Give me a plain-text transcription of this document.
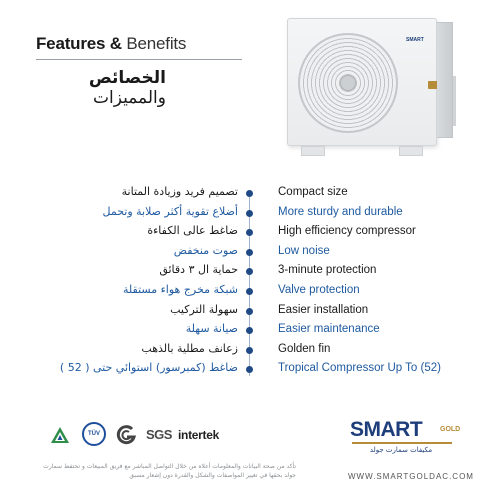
Features & Benefits
الخصائص والمميزات
SMART
تصميم فريد وزيادة المتانة	Compact size
أضلاع تقوية أكثر صلابة وتحمل	More sturdy and durable
ضاغط عالى الكفاءة	High efficiency compressor
صوت منخفض	Low noise
حماية ال ٣ دقائق	3-minute protection
شبكة مخرج هواء مستقلة	Valve protection
سهولة التركيب	Easier installation
صيانة سهلة	Easier maintenance
زعانف مطلية بالذهب	Golden fin
ضاغط (كمبرسور) استوائي حتى ( 52 )	Tropical Compressor Up To (52)
TÜV	SGS intertek	SMART	GOLD
مكيفات سمارت جولد
تأكد من صحة البيانات والمعلومات أعلاه من خلال التواصل المباشر مع فريق المبيعات و تحتفظ سمارت جولد بحقها في تغيير المواصفات والشكل والقدرة دون إشعار مسبق	WWW.SMARTGOLDAC.COM
